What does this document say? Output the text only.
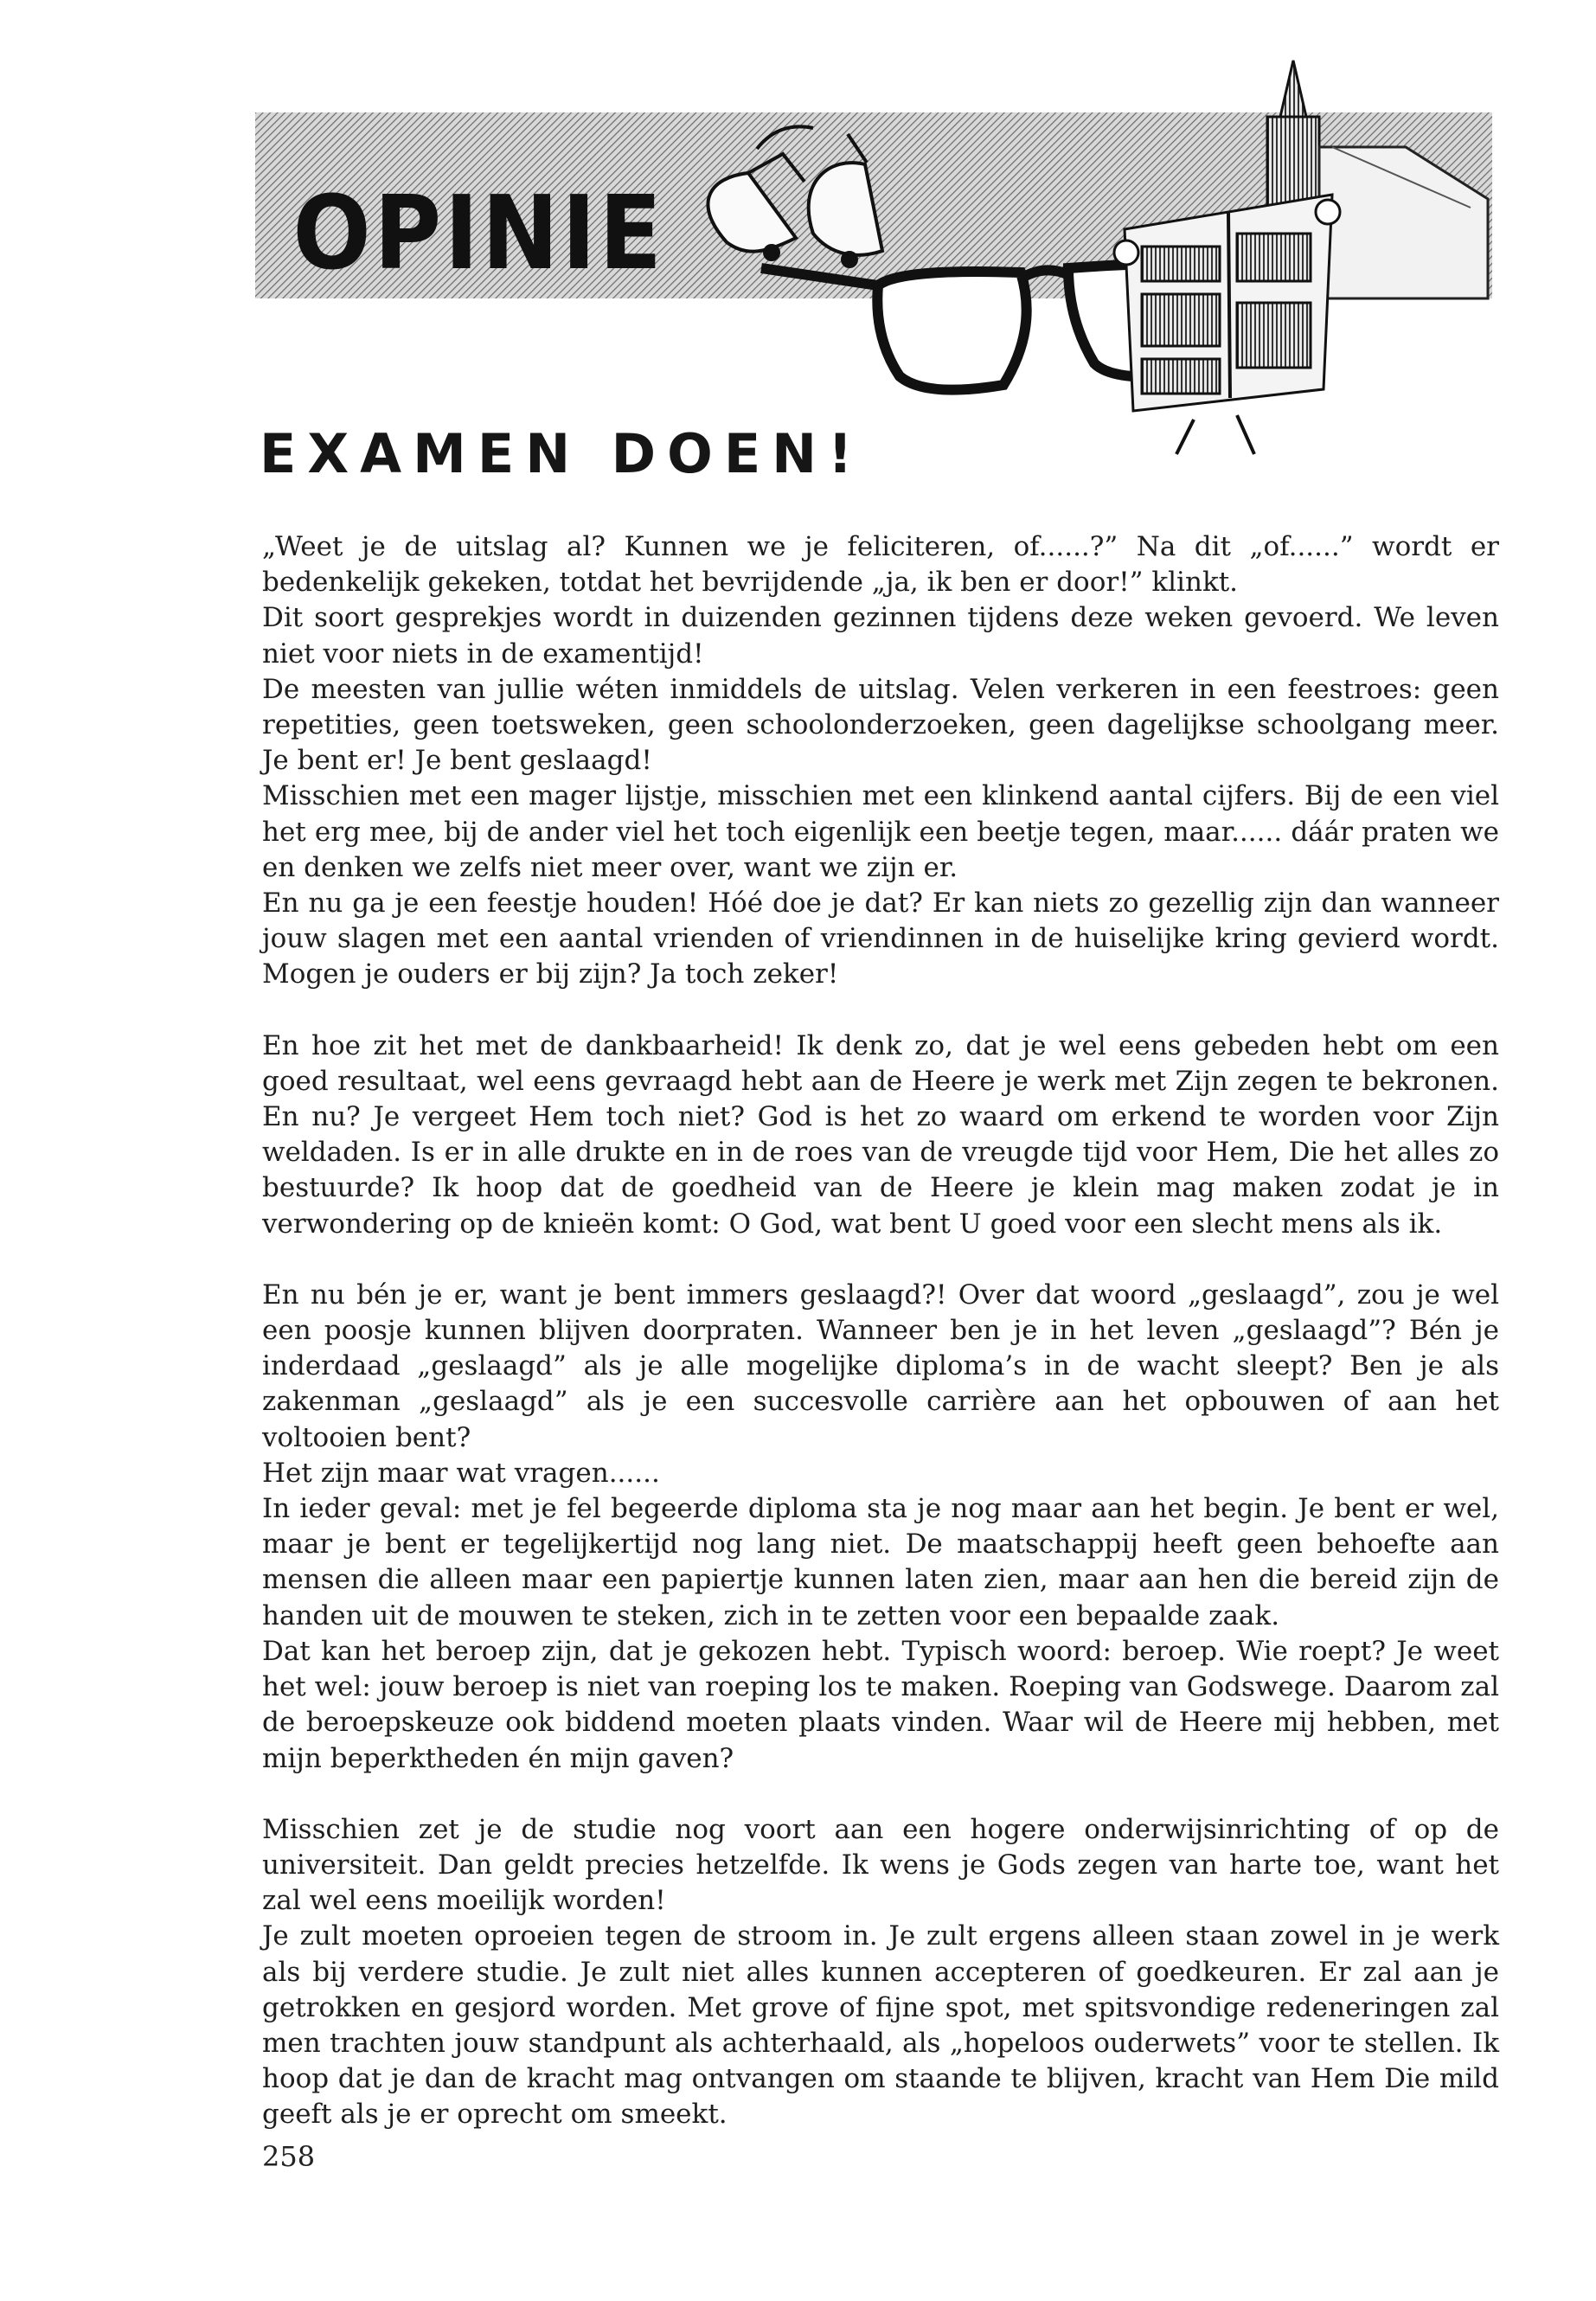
OPINIE
EXAMEN DOEN!

„Weet je de uitslag al? Kunnen we je feliciteren, of......?” Na dit „of......” wordt er bedenkelijk gekeken, totdat het bevrijdende „ja, ik ben er door!” klinkt.

Dit soort gesprekjes wordt in duizenden gezinnen tijdens deze weken gevoerd. We leven niet voor niets in de examentijd!

De meesten van jullie wéten inmiddels de uitslag. Velen verkeren in een feestroes: geen repetities, geen toetsweken, geen schoolonderzoeken, geen dagelijkse schoolgang meer. Je bent er! Je bent geslaagd!

Misschien met een mager lijstje, misschien met een klinkend aantal cijfers. Bij de een viel het erg mee, bij de ander viel het toch eigenlijk een beetje tegen, maar...... dáár praten we en denken we zelfs niet meer over, want we zijn er.

En nu ga je een feestje houden! Hóé doe je dat? Er kan niets zo gezellig zijn dan wanneer jouw slagen met een aantal vrienden of vriendinnen in de huiselijke kring gevierd wordt. Mogen je ouders er bij zijn? Ja toch zeker!

En hoe zit het met de dankbaarheid! Ik denk zo, dat je wel eens gebeden hebt om een goed resultaat, wel eens gevraagd hebt aan de Heere je werk met Zijn zegen te bekronen. En nu? Je vergeet Hem toch niet? God is het zo waard om erkend te worden voor Zijn weldaden. Is er in alle drukte en in de roes van de vreugde tijd voor Hem, Die het alles zo bestuurde? Ik hoop dat de goedheid van de Heere je klein mag maken zodat je in verwondering op de knieën komt: O God, wat bent U goed voor een slecht mens als ik.

En nu bén je er, want je bent immers geslaagd?! Over dat woord „geslaagd”, zou je wel een poosje kunnen blijven doorpraten. Wanneer ben je in het leven „geslaagd”? Bén je inderdaad „geslaagd” als je alle mogelijke diploma’s in de wacht sleept? Ben je als zakenman „geslaagd” als je een succesvolle carrière aan het opbouwen of aan het voltooien bent?

Het zijn maar wat vragen......

In ieder geval: met je fel begeerde diploma sta je nog maar aan het begin. Je bent er wel, maar je bent er tegelijkertijd nog lang niet. De maatschappij heeft geen behoefte aan mensen die alleen maar een papiertje kunnen laten zien, maar aan hen die bereid zijn de handen uit de mouwen te steken, zich in te zetten voor een bepaalde zaak.

Dat kan het beroep zijn, dat je gekozen hebt. Typisch woord: beroep. Wie roept? Je weet het wel: jouw beroep is niet van roeping los te maken. Roeping van Godswege. Daarom zal de beroepskeuze ook biddend moeten plaats vinden. Waar wil de Heere mij hebben, met mijn beperktheden én mijn gaven?

Misschien zet je de studie nog voort aan een hogere onderwijsinrichting of op de universiteit. Dan geldt precies hetzelfde. Ik wens je Gods zegen van harte toe, want het zal wel eens moeilijk worden!

Je zult moeten oproeien tegen de stroom in. Je zult ergens alleen staan zowel in je werk als bij verdere studie. Je zult niet alles kunnen accepteren of goedkeuren. Er zal aan je getrokken en gesjord worden. Met grove of fijne spot, met spitsvondige redeneringen zal men trachten jouw standpunt als achterhaald, als „hopeloos ouderwets” voor te stellen. Ik hoop dat je dan de kracht mag ontvangen om staande te blijven, kracht van Hem Die mild geeft als je er oprecht om smeekt.

258
